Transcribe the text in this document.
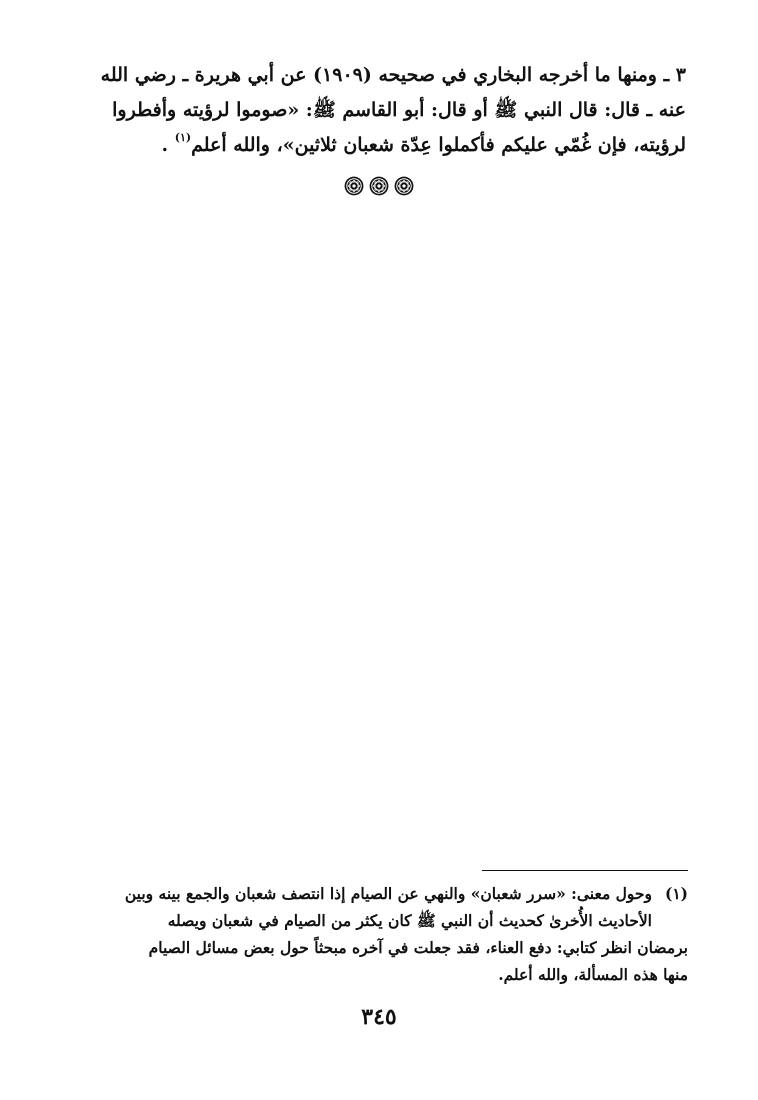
٣ ـ ومنها ما أخرجه البخاري في صحيحه (١٩٠٩) عن أبي هريرة ـ رضي الله

عنه ـ قال: قال النبي ﷺ أو قال: أبو القاسم ﷺ: «صوموا لرؤيته وأفطروا

لرؤيته، فإن غُمّي عليكم فأكملوا عِدّة شعبان ثلاثين»، والله أعلم$^{(١)}$ .

(١)
وحول معنى: «سرر شعبان» والنهي عن الصيام إذا انتصف شعبان والجمع بينه وبين
الأحاديث الأُخرىٰ كحديث أن النبي ﷺ كان يكثر من الصيام في شعبان ويصله
برمضان انظر كتابي: دفع العناء، فقد جعلت في آخره مبحثاً حول بعض مسائل الصيام
منها هذه المسألة، والله أعلم.
٣٤٥
